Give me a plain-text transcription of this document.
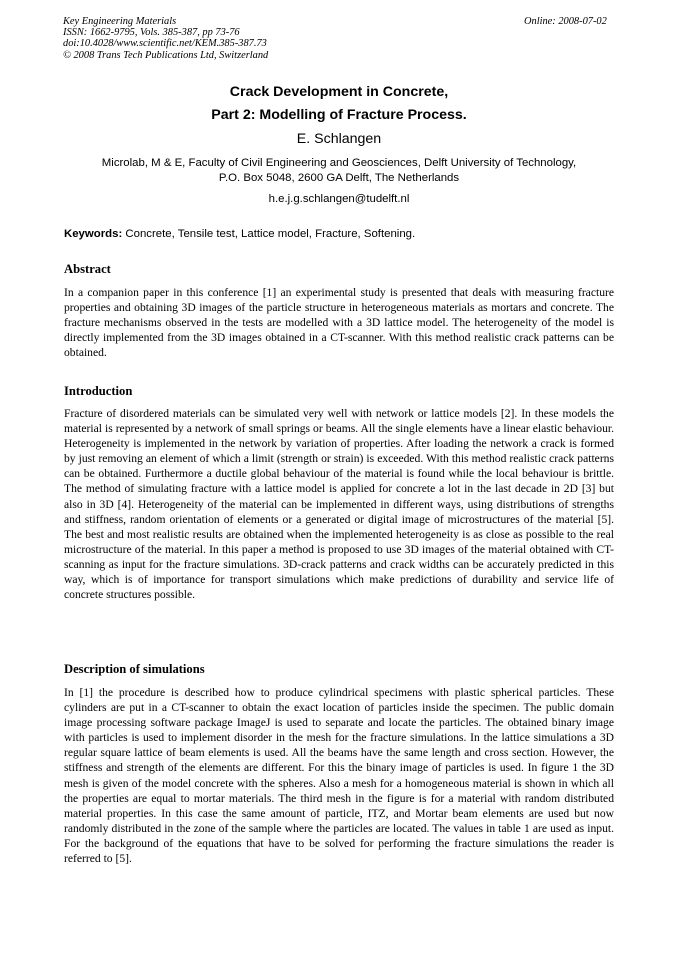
Key Engineering Materials
ISSN: 1662-9795, Vols. 385-387, pp 73-76
doi:10.4028/www.scientific.net/KEM.385-387.73
© 2008 Trans Tech Publications Ltd, Switzerland
Online: 2008-07-02
Crack Development in Concrete,
Part 2: Modelling of Fracture Process.
E. Schlangen
Microlab, M & E, Faculty of Civil Engineering and Geosciences, Delft University of Technology,
P.O. Box 5048, 2600 GA Delft, The Netherlands
h.e.j.g.schlangen@tudelft.nl
Keywords: Concrete, Tensile test, Lattice model, Fracture, Softening.
Abstract

In a companion paper in this conference [1] an experimental study is presented that deals with measuring fracture properties and obtaining 3D images of the particle structure in heterogeneous materials as mortars and concrete. The fracture mechanisms observed in the tests are modelled with a 3D lattice model. The heterogeneity of the model is directly implemented from the 3D images obtained in a CT-scanner. With this method realistic crack patterns can be obtained.

Introduction

Fracture of disordered materials can be simulated very well with network or lattice models [2]. In these models the material is represented by a network of small springs or beams. All the single elements have a linear elastic behaviour. Heterogeneity is implemented in the network by variation of properties. After loading the network a crack is formed by just removing an element of which a limit (strength or strain) is exceeded. With this method realistic crack patterns can be obtained. Furthermore a ductile global behaviour of the material is found while the local behaviour is brittle. The method of simulating fracture with a lattice model is applied for concrete a lot in the last decade in 2D [3] but also in 3D [4]. Heterogeneity of the material can be implemented in different ways, using distributions of strengths and stiffness, random orientation of elements or a generated or digital image of microstructures of the material [5]. The best and most realistic results are obtained when the implemented heterogeneity is as close as possible to the real microstructure of the material. In this paper a method is proposed to use 3D images of the material obtained with CT-scanning as input for the fracture simulations. 3D-crack patterns and crack widths can be accurately predicted in this way, which is of importance for transport simulations which make predictions of durability and service life of concrete structures possible.

Description of simulations

In [1] the procedure is described how to produce cylindrical specimens with plastic spherical particles. These cylinders are put in a CT-scanner to obtain the exact location of particles inside the specimen. The public domain image processing software package ImageJ is used to separate and locate the particles. The obtained binary image with particles is used to implement disorder in the mesh for the fracture simulations. In the lattice simulations a 3D regular square lattice of beam elements is used. All the beams have the same length and cross section. However, the stiffness and strength of the elements are different. For this the binary image of particles is used. In figure 1 the 3D mesh is given of the model concrete with the spheres. Also a mesh for a homogeneous material is shown in which all the properties are equal to mortar materials. The third mesh in the figure is for a material with random distributed material properties. In this case the same amount of particle, ITZ, and Mortar beam elements are used but now randomly distributed in the zone of the sample where the particles are located. The values in table 1 are used as input. For the background of the equations that have to be solved for performing the fracture simulations the reader is referred to [5].
